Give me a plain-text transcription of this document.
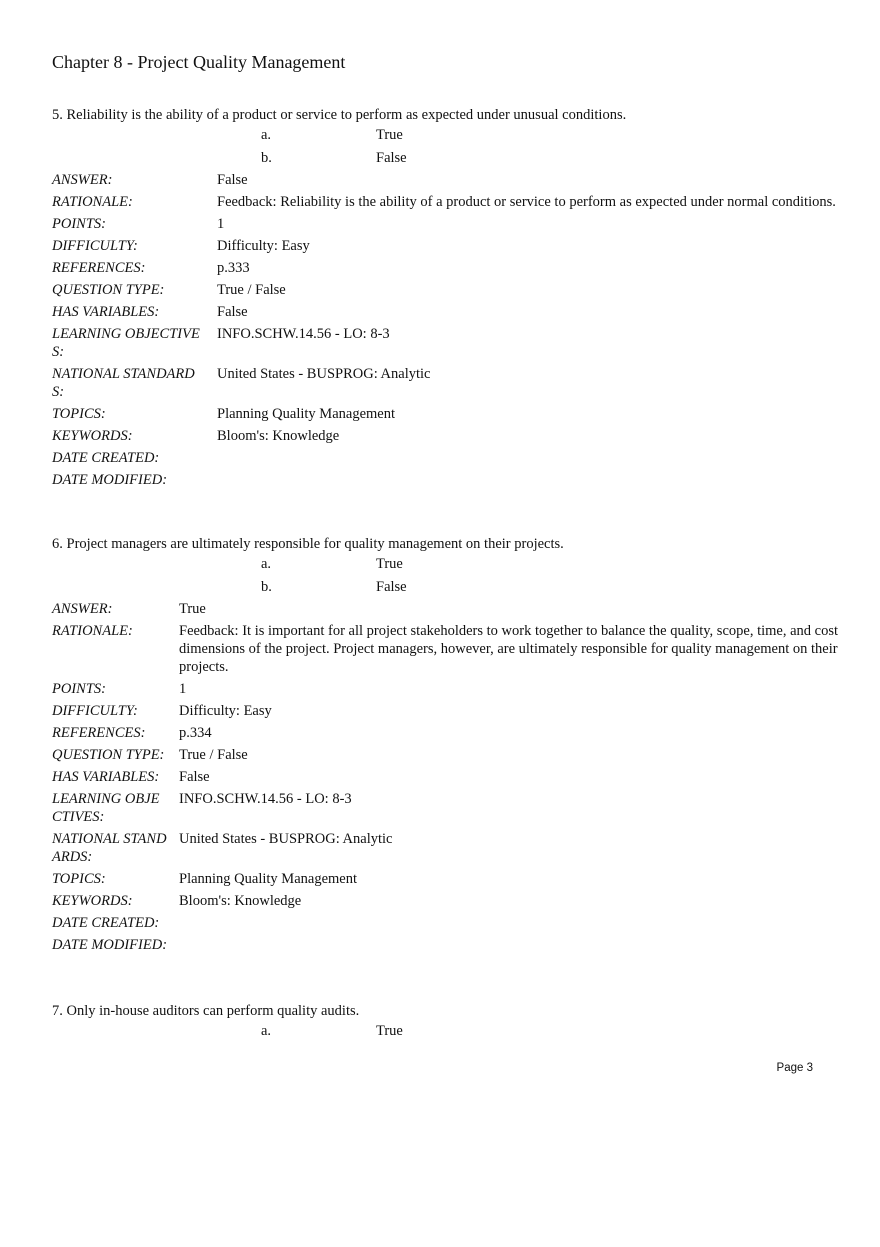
Chapter 8 - Project Quality Management

5. Reliability is the ability of a product or service to perform as expected under unusual conditions.

a.	True
b.	False
ANSWER:	False
RATIONALE:	Feedback: Reliability is the ability of a product or service to perform as expected under normal conditions.
POINTS:	1
DIFFICULTY:	Difficulty: Easy
REFERENCES:	p.333
QUESTION TYPE:	True / False
HAS VARIABLES:	False
LEARNING OBJECTIVE
S:
INFO.SCHW.14.56 - LO: 8-3
NATIONAL STANDARD
S:
United States - BUSPROG: Analytic
TOPICS:	Planning Quality Management
KEYWORDS:	Bloom's: Knowledge
DATE CREATED:
DATE MODIFIED:

6. Project managers are ultimately responsible for quality management on their projects.

a.	True
b.	False
ANSWER:	True
RATIONALE:	Feedback: It is important for all project stakeholders to work together to balance the quality, scope, time, and cost dimensions of the project. Project managers, however, are ultimately responsible for quality management on their projects.
POINTS:	1
DIFFICULTY:	Difficulty: Easy
REFERENCES:	p.334
QUESTION TYPE:	True / False
HAS VARIABLES:	False
LEARNING OBJE
CTIVES:
INFO.SCHW.14.56 - LO: 8-3
NATIONAL STAND
ARDS:
United States - BUSPROG: Analytic
TOPICS:	Planning Quality Management
KEYWORDS:	Bloom's: Knowledge
DATE CREATED:
DATE MODIFIED:

7. Only in-house auditors can perform quality audits.

a.	True
Page 3
